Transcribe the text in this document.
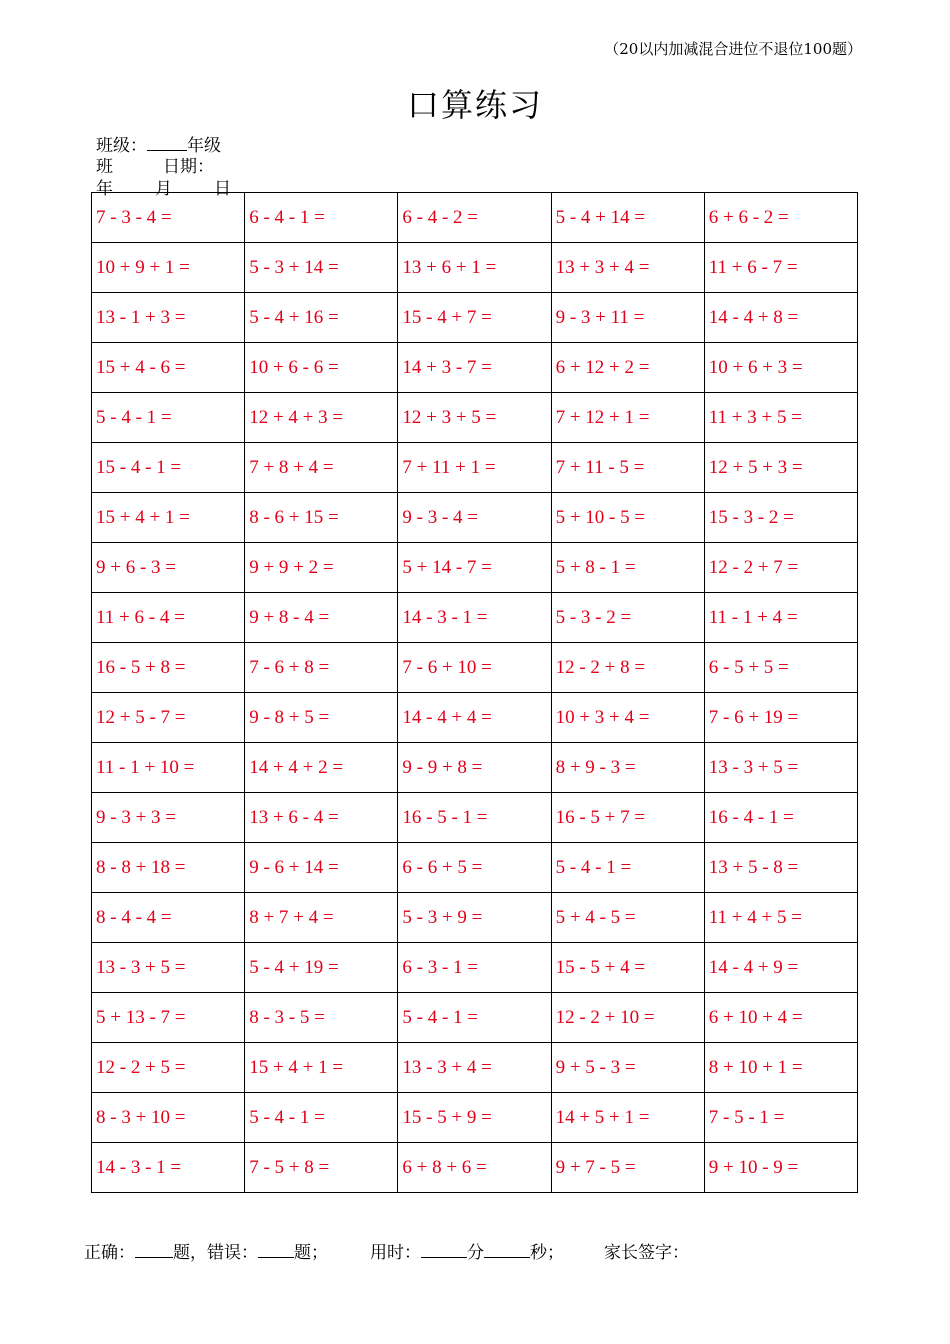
（20以内加减混合进位不退位100题）
口算练习
班级： 年级
班	日期：
年 月 日
7 - 3 - 4 =	6 - 4 - 1 =	6 - 4 - 2 =	5 - 4 + 14 =	6 + 6 - 2 =
10 + 9 + 1 =	5 - 3 + 14 =	13 + 6 + 1 =	13 + 3 + 4 =	11 + 6 - 7 =
13 - 1 + 3 =	5 - 4 + 16 =	15 - 4 + 7 =	9 - 3 + 11 =	14 - 4 + 8 =
15 + 4 - 6 =	10 + 6 - 6 =	14 + 3 - 7 =	6 + 12 + 2 =	10 + 6 + 3 =
5 - 4 - 1 =	12 + 4 + 3 =	12 + 3 + 5 =	7 + 12 + 1 =	11 + 3 + 5 =
15 - 4 - 1 =	7 + 8 + 4 =	7 + 11 + 1 =	7 + 11 - 5 =	12 + 5 + 3 =
15 + 4 + 1 =	8 - 6 + 15 =	9 - 3 - 4 =	5 + 10 - 5 =	15 - 3 - 2 =
9 + 6 - 3 =	9 + 9 + 2 =	5 + 14 - 7 =	5 + 8 - 1 =	12 - 2 + 7 =
11 + 6 - 4 =	9 + 8 - 4 =	14 - 3 - 1 =	5 - 3 - 2 =	11 - 1 + 4 =
16 - 5 + 8 =	7 - 6 + 8 =	7 - 6 + 10 =	12 - 2 + 8 =	6 - 5 + 5 =
12 + 5 - 7 =	9 - 8 + 5 =	14 - 4 + 4 =	10 + 3 + 4 =	7 - 6 + 19 =
11 - 1 + 10 =	14 + 4 + 2 =	9 - 9 + 8 =	8 + 9 - 3 =	13 - 3 + 5 =
9 - 3 + 3 =	13 + 6 - 4 =	16 - 5 - 1 =	16 - 5 + 7 =	16 - 4 - 1 =
8 - 8 + 18 =	9 - 6 + 14 =	6 - 6 + 5 =	5 - 4 - 1 =	13 + 5 - 8 =
8 - 4 - 4 =	8 + 7 + 4 =	5 - 3 + 9 =	5 + 4 - 5 =	11 + 4 + 5 =
13 - 3 + 5 =	5 - 4 + 19 =	6 - 3 - 1 =	15 - 5 + 4 =	14 - 4 + 9 =
5 + 13 - 7 =	8 - 3 - 5 =	5 - 4 - 1 =	12 - 2 + 10 =	6 + 10 + 4 =
12 - 2 + 5 =	15 + 4 + 1 =	13 - 3 + 4 =	9 + 5 - 3 =	8 + 10 + 1 =
8 - 3 + 10 =	5 - 4 - 1 =	15 - 5 + 9 =	14 + 5 + 1 =	7 - 5 - 1 =
14 - 3 - 1 =	7 - 5 + 8 =	6 + 8 + 6 =	9 + 7 - 5 =	9 + 10 - 9 =
正确： 题，错误： 题； 用时：	分	秒； 家长签字：
